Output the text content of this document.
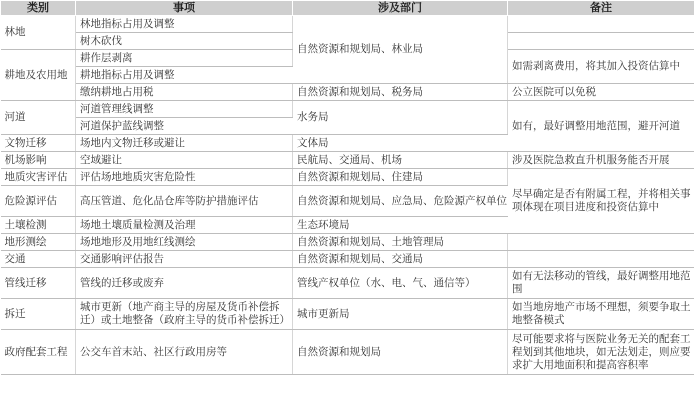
类别	事项	涉及部门	备注
林地	林地指标占用及调整	自然资源和规划局、林业局	
	树木砍伐		
耕地及农用地	耕作层剥离		如需剥离费用，将其加入投资估算中
	耕地指标占用及调整		
	缴纳耕地占用税	自然资源和规划局、税务局	公立医院可以免税
河道	河道管理线调整	水务局	如有，最好调整用地范围，避开河道
	河道保护蓝线调整		
文物迁移	场地内文物迁移或避让	文体局	
机场影响	空域避让	民航局、交通局、机场	涉及医院急救直升机服务能否开展
地质灾害评估	评估场地地质灾害危险性	自然资源和规划局、住建局	尽早确定是否有附属工程，并将相关事项体现在项目进度和投资估算中
危险源评估	高压管道、危化品仓库等防护措施评估	自然资源和规划局、应急局、危险源产权单位	
土壤检测	场地土壤质量检测及治理	生态环境局	
地形测绘	场地地形及用地红线测绘	自然资源和规划局、土地管理局	
交通	交通影响评估报告	自然资源和规划局、交通局	
管线迁移	管线的迁移或废弃	管线产权单位（水、电、气、通信等）	如有无法移动的管线，最好调整用地范围
拆迁	城市更新（地产商主导的房屋及货币补偿拆迁）或土地整备（政府主导的货币补偿拆迁）	城市更新局	如当地房地产市场不理想，须要争取土地整备模式
政府配套工程	公交车首末站、社区行政用房等	自然资源和规划局	尽可能要求将与医院业务无关的配套工程划到其他地块，如无法划走，则应要求扩大用地面积和提高容积率
